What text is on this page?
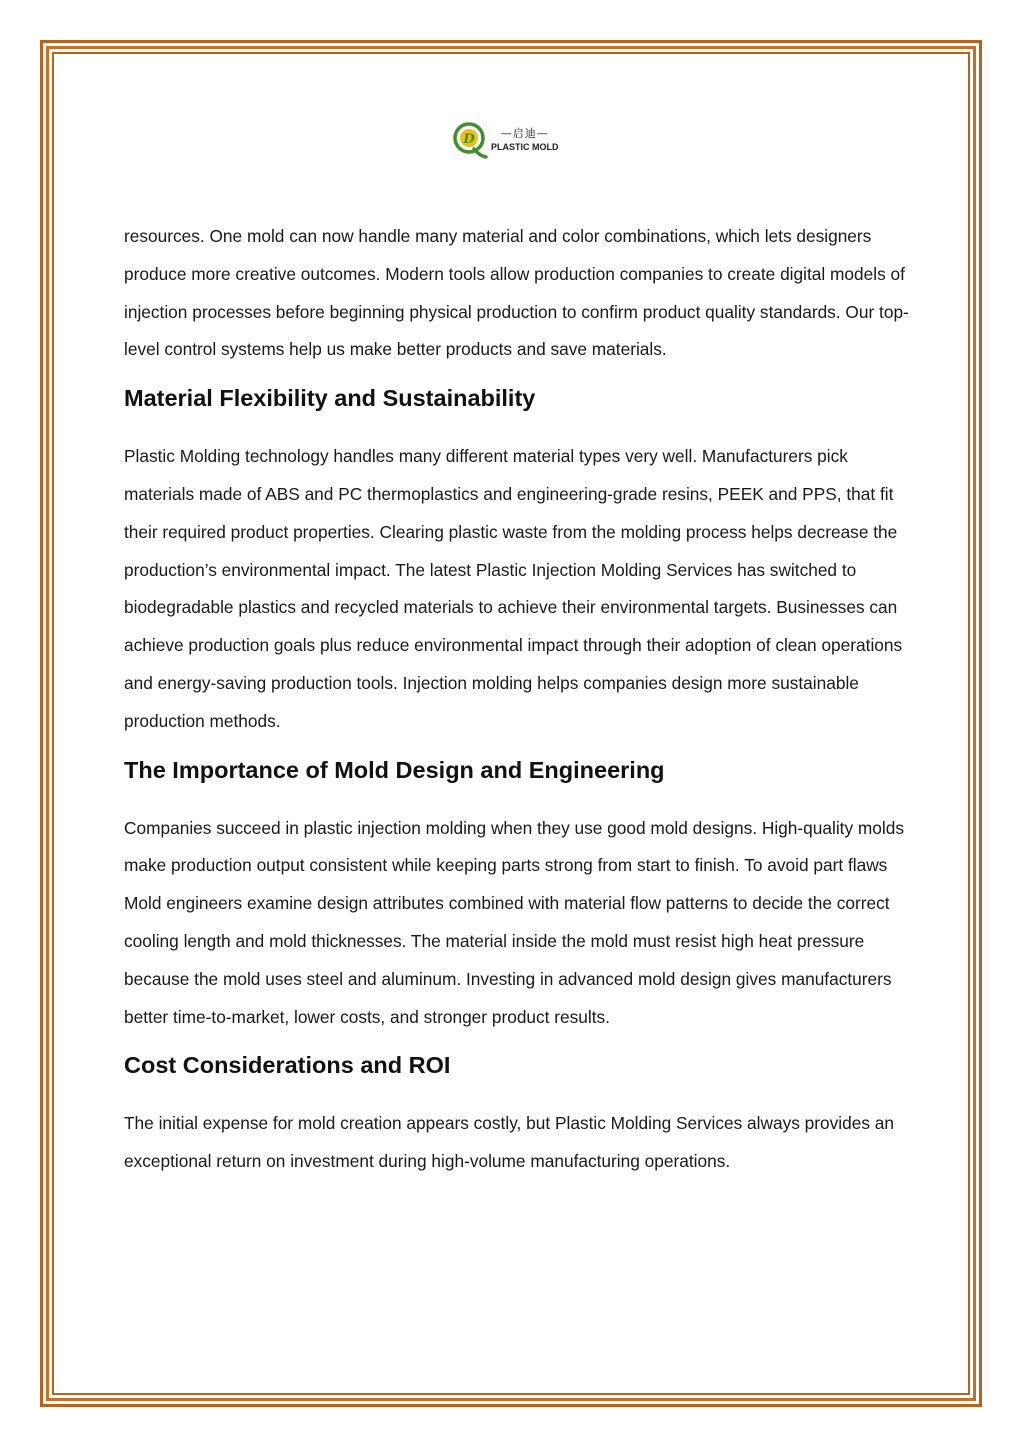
D —启迪—
PLASTIC MOLD

resources. One mold can now handle many material and color combinations, which lets designers produce more creative outcomes. Modern tools allow production companies to create digital models of injection processes before beginning physical production to confirm product quality standards. Our top-level control systems help us make better products and save materials.

Material Flexibility and Sustainability

Plastic Molding technology handles many different material types very well. Manufacturers pick materials made of ABS and PC thermoplastics and engineering-grade resins, PEEK and PPS, that fit their required product properties. Clearing plastic waste from the molding process helps decrease the production’s environmental impact. The latest Plastic Injection Molding Services has switched to biodegradable plastics and recycled materials to achieve their environmental targets. Businesses can achieve production goals plus reduce environmental impact through their adoption of clean operations and energy-saving production tools. Injection molding helps companies design more sustainable production methods.

The Importance of Mold Design and Engineering

Companies succeed in plastic injection molding when they use good mold designs. High-quality molds make production output consistent while keeping parts strong from start to finish. To avoid part flaws Mold engineers examine design attributes combined with material flow patterns to decide the correct cooling length and mold thicknesses. The material inside the mold must resist high heat pressure because the mold uses steel and aluminum. Investing in advanced mold design gives manufacturers better time-to-market, lower costs, and stronger product results.

Cost Considerations and ROI

The initial expense for mold creation appears costly, but Plastic Molding Services always provides an exceptional return on investment during high-volume manufacturing operations.
